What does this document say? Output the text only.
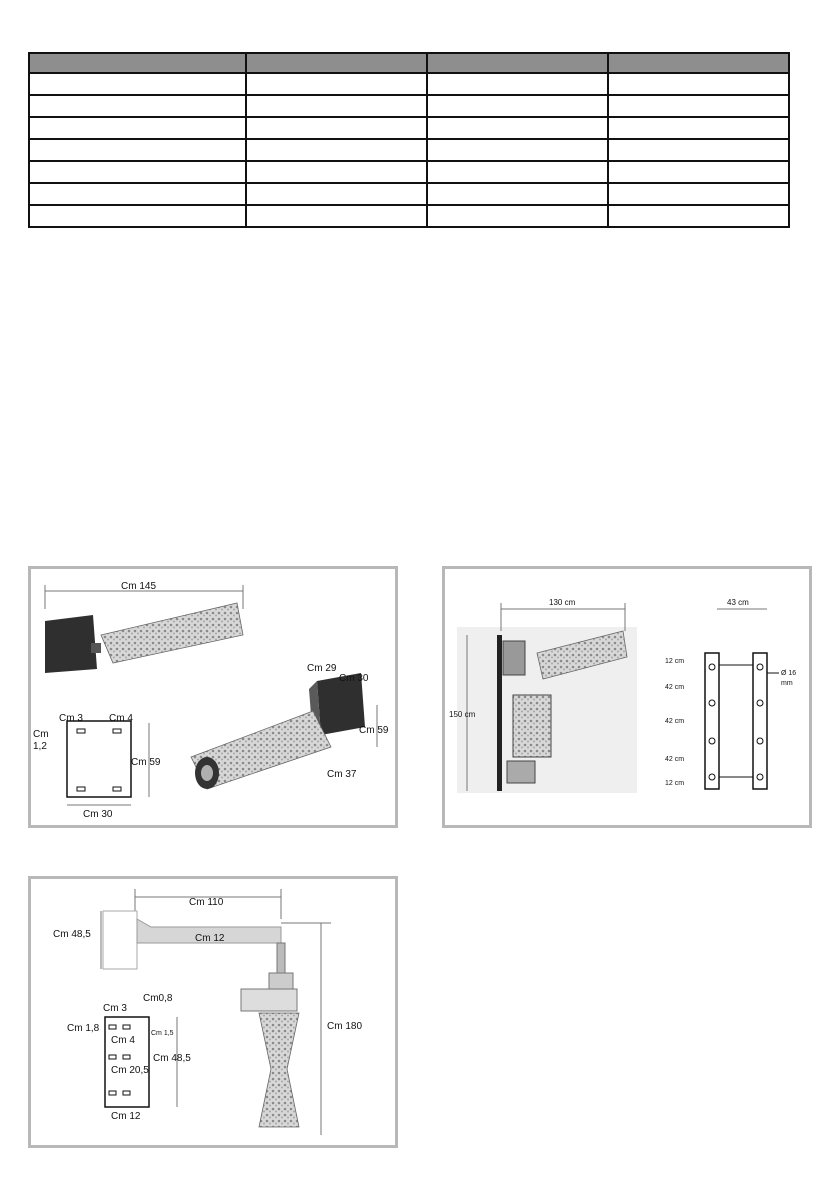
Cm 145
Cm 3	Cm 4
Cm
1,2
Cm 59
Cm 30
Cm 29
Cm 30
Cm 59
Cm 37
130 cm
150 cm
43 cm
12 cm
42 cm
42 cm
42 cm
12 cm
Ø 16
mm
Cm 110
Cm 48,5	Cm 12
Cm 180
Cm 3
Cm0,8
Cm 1,8
Cm 4
Cm 1,5
Cm 20,5
Cm 48,5
Cm 12
